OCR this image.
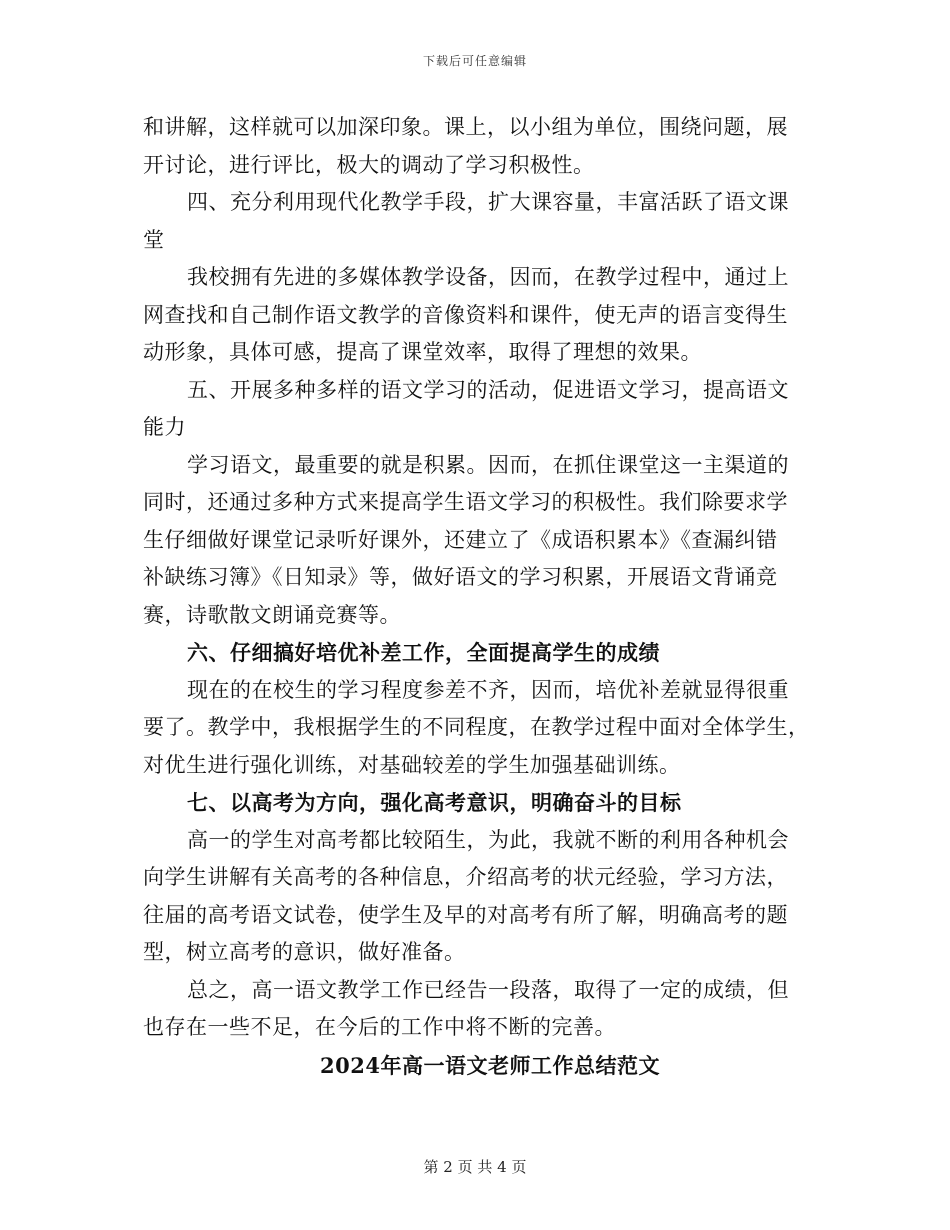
下载后可任意编辑
和讲解，这样就可以加深印象。课上，以小组为单位，围绕问题，展
开讨论，进行评比，极大的调动了学习积极性。
四、充分利用现代化教学手段，扩大课容量，丰富活跃了语文课
堂
我校拥有先进的多媒体教学设备，因而，在教学过程中，通过上
网查找和自己制作语文教学的音像资料和课件，使无声的语言变得生
动形象，具体可感，提高了课堂效率，取得了理想的效果。
五、开展多种多样的语文学习的活动，促进语文学习，提高语文
能力
学习语文，最重要的就是积累。因而，在抓住课堂这一主渠道的
同时，还通过多种方式来提高学生语文学习的积极性。我们除要求学
生仔细做好课堂记录听好课外，还建立了《成语积累本》《查漏纠错
补缺练习簿》《日知录》等，做好语文的学习积累，开展语文背诵竞
赛，诗歌散文朗诵竞赛等。
六、仔细搞好培优补差工作，全面提高学生的成绩
现在的在校生的学习程度参差不齐，因而，培优补差就显得很重
要了。教学中，我根据学生的不同程度，在教学过程中面对全体学生，
对优生进行强化训练，对基础较差的学生加强基础训练。
七、以高考为方向，强化高考意识，明确奋斗的目标
高一的学生对高考都比较陌生，为此，我就不断的利用各种机会
向学生讲解有关高考的各种信息，介绍高考的状元经验，学习方法，
往届的高考语文试卷，使学生及早的对高考有所了解，明确高考的题
型，树立高考的意识，做好准备。
总之，高一语文教学工作已经告一段落，取得了一定的成绩，但
也存在一些不足，在今后的工作中将不断的完善。
2024年高一语文老师工作总结范文
第 2 页 共 4 页
